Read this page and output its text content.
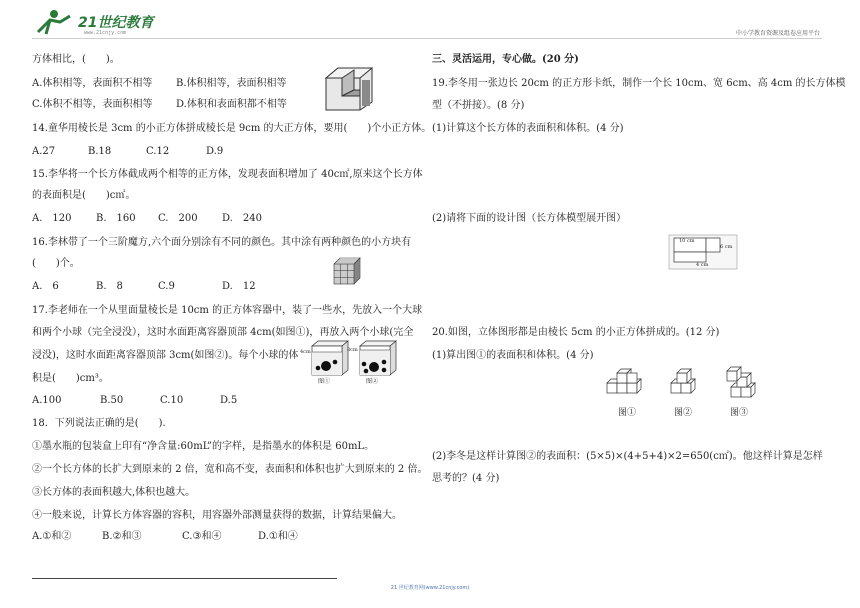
21世纪教育
www.21cnjy.com	中小学教育资源及组卷应用平台
方体相比，(　　)。
A.体积相等，表面积不相等 B.体积相等，表面积相等
C.体积不相等，表面积相等 D.体积和表面积都不相等
14.童华用棱长是 3cm 的小正方体拼成棱长是 9cm 的大正方体，要用(　　)个小正方体。
A.27	B.18	C.12	D.9
15.李华将一个长方体截成两个相等的正方体，发现表面积增加了 40c㎡,原来这个长方体
的表面积是(　　)c㎡。
A.　120 B.　160 C.　200 D.　240
16.李林带了一个三阶魔方,六个面分别涂有不同的颜色。其中涂有两种颜色的小方块有
(　　)个。
A.　6	B.　8	C.9	D.　12
17.李老师在一个从里面量棱长是 10cm 的正方体容器中，装了一些水，先放入一个大球
和两个小球（完全浸没），这时水面距离容器顶部 4cm(如图①)，再放入两个小球(完全
浸没)，这时水面距离容器顶部 3cm(如图②)。每个小球的体
积是(　　)cm³。
4cm	3cm
图①	图②
A.100	B.50	C.10	D.5
18．下列说法正确的是(　　).
①墨水瓶的包装盒上印有“净含量:60mL”的字样，是指墨水的体积是 60mL。
②一个长方体的长扩大到原来的 2 倍，宽和高不变，表面积和体积也扩大到原来的 2 倍。
③长方体的表面积越大,体积也越大。
④一般来说，计算长方体容器的容积，用容器外部测量获得的数据，计算结果偏大。
A.①和②	B.②和③	C.③和④	D.①和④
三、灵活运用，专心做。(20 分)
19.李冬用一张边长 20cm 的正方形卡纸，制作一个长 10cm、宽 6cm、高 4cm 的长方体模
型（不拼接）。(8 分)
(1)计算这个长方体的表面积和体积。(4 分)
(2)请将下面的设计图（长方体模型展开图）
10 cm
6 cm
4 cm
20.如图，立体图形都是由棱长 5cm 的小正方体拼成的。(12 分)
(1)算出图①的表面积和体积。(4 分)
图①	图②	图③
(2)李冬是这样计算图②的表面积：(5×5)×(4+5+4)×2=650(c㎡)。他这样计算是怎样
思考的？(4 分)
21 世纪教育网(www.21cnjy.com)
